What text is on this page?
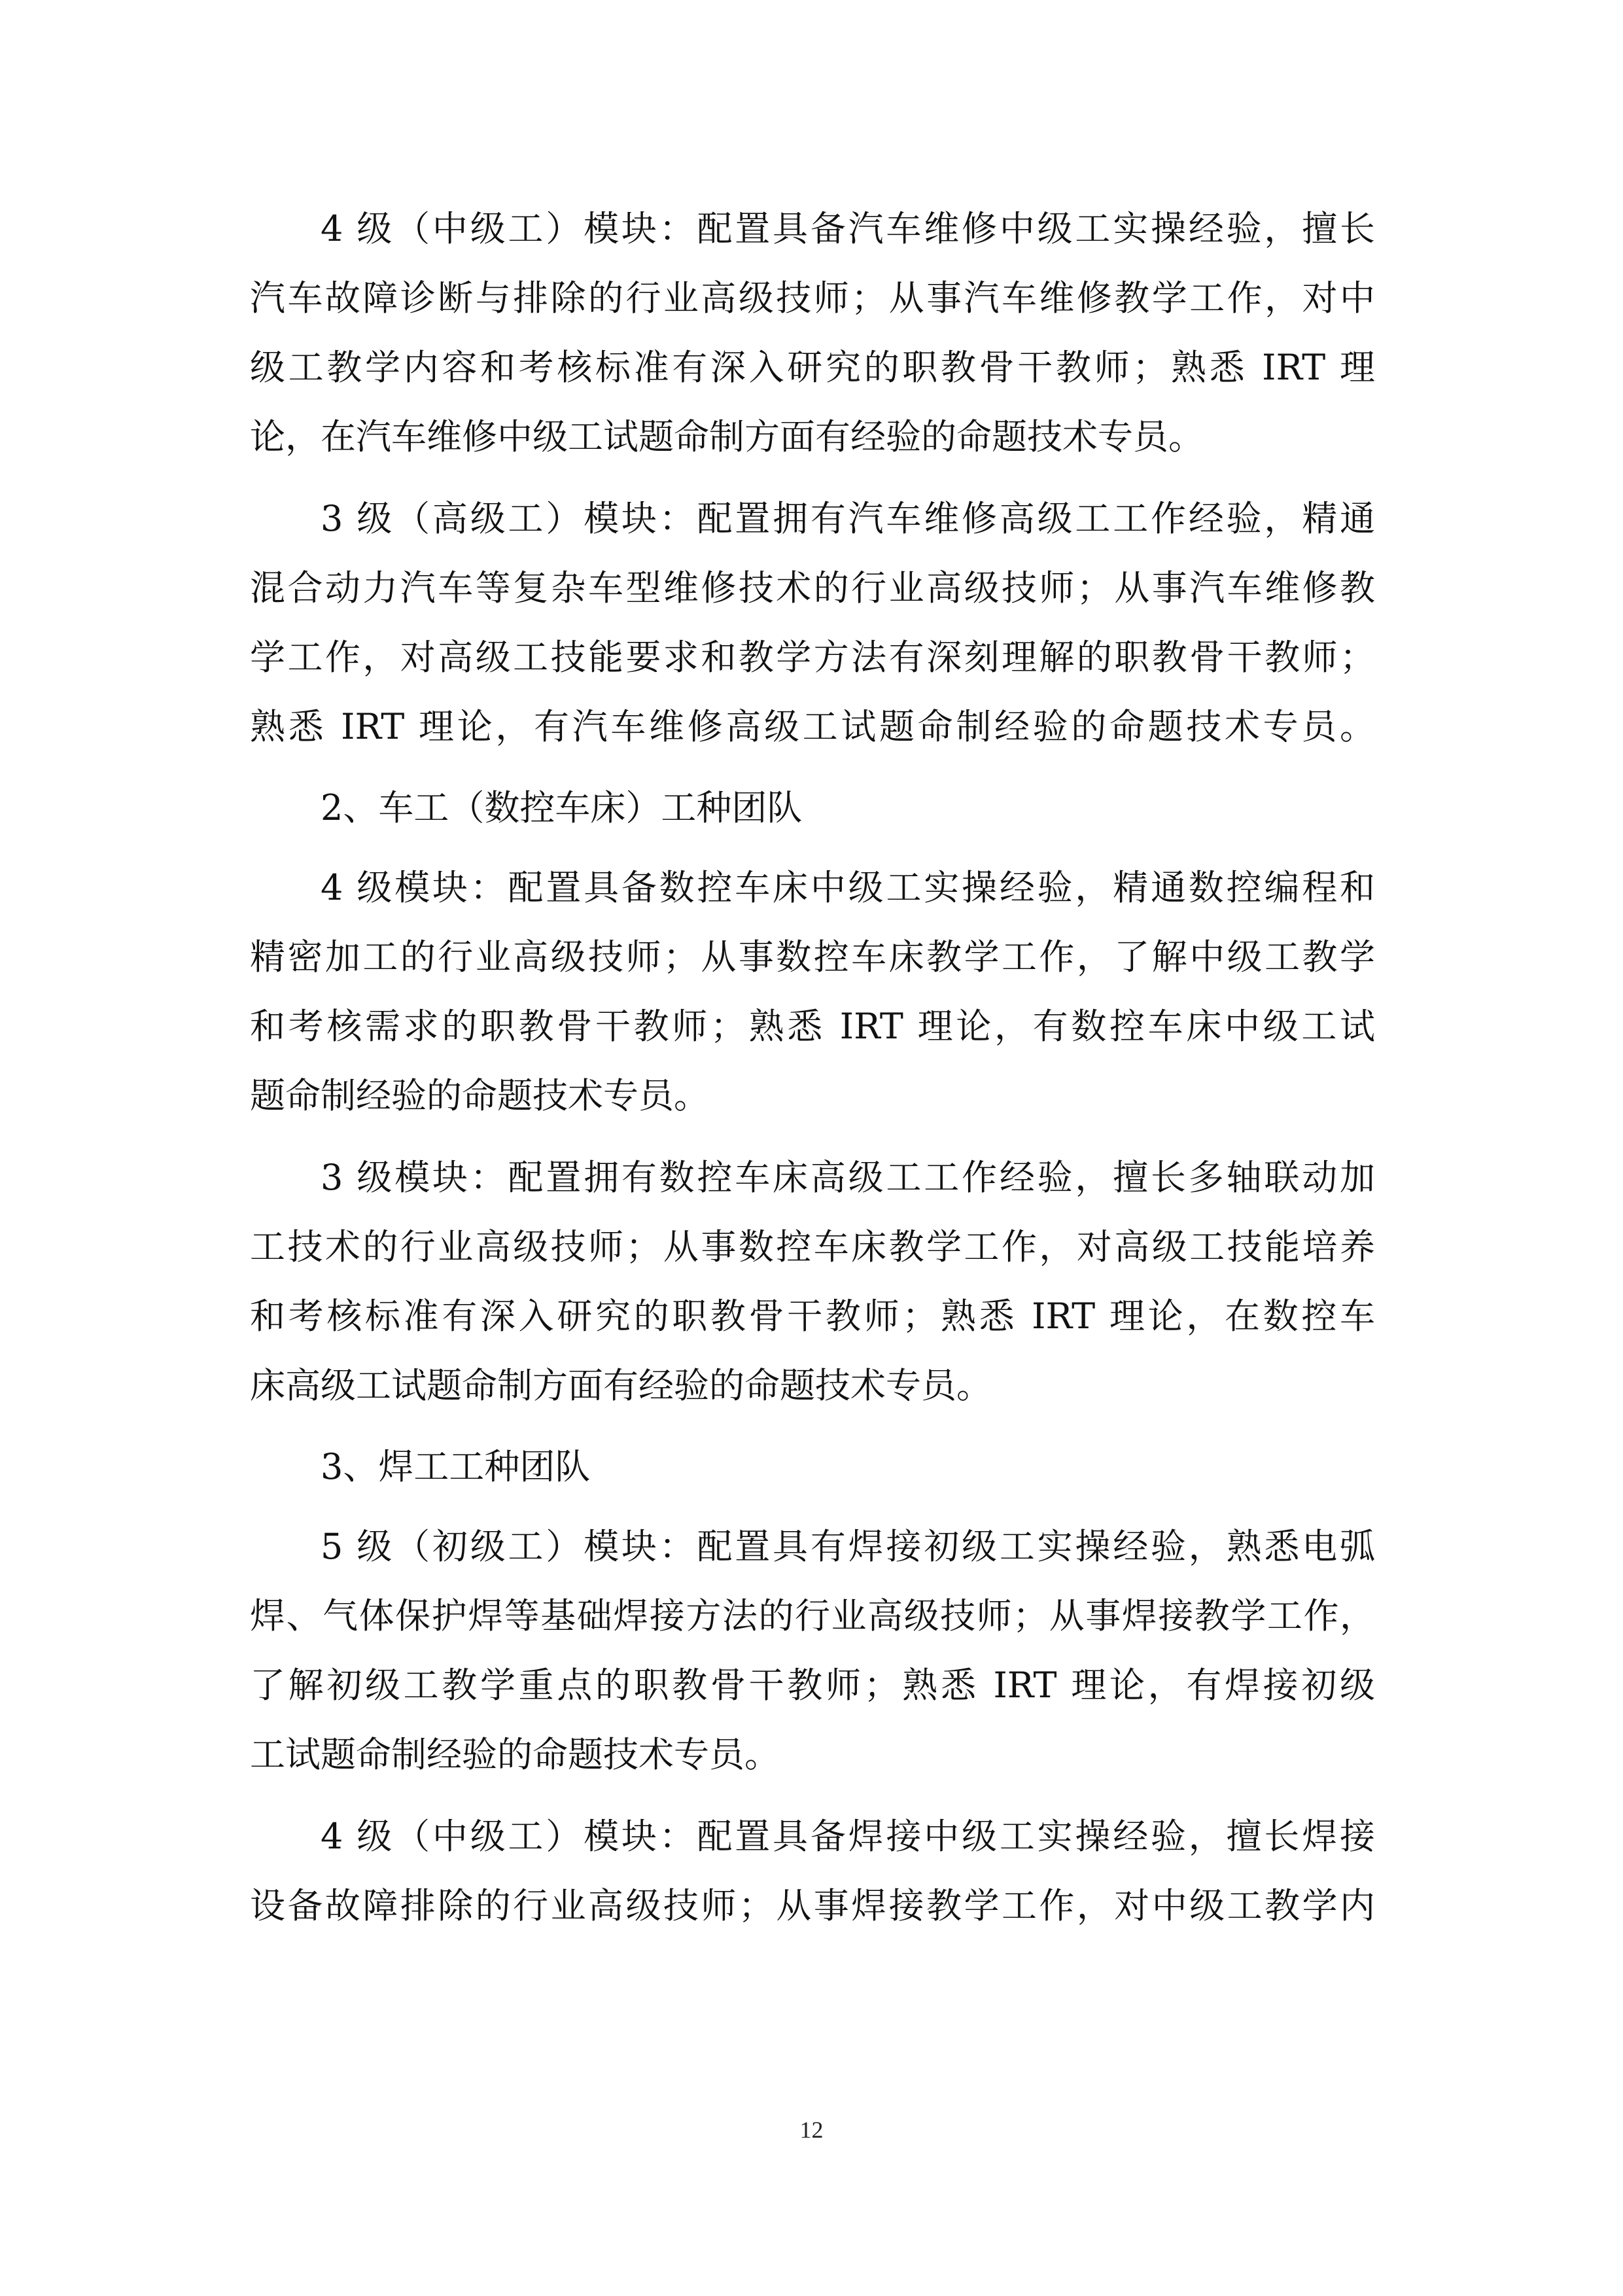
4 级（中级工）模块：配置具备汽车维修中级工实操经验，擅长
汽车故障诊断与排除的行业高级技师；从事汽车维修教学工作，对中
级工教学内容和考核标准有深入研究的职教骨干教师；熟悉 IRT 理
论，在汽车维修中级工试题命制方面有经验的命题技术专员。
3 级（高级工）模块：配置拥有汽车维修高级工工作经验，精通
混合动力汽车等复杂车型维修技术的行业高级技师；从事汽车维修教
学工作，对高级工技能要求和教学方法有深刻理解的职教骨干教师；
熟悉 IRT 理论，有汽车维修高级工试题命制经验的命题技术专员。
2、车工（数控车床）工种团队
4 级模块：配置具备数控车床中级工实操经验，精通数控编程和
精密加工的行业高级技师；从事数控车床教学工作，了解中级工教学
和考核需求的职教骨干教师；熟悉 IRT 理论，有数控车床中级工试
题命制经验的命题技术专员。
3 级模块：配置拥有数控车床高级工工作经验，擅长多轴联动加
工技术的行业高级技师；从事数控车床教学工作，对高级工技能培养
和考核标准有深入研究的职教骨干教师；熟悉 IRT 理论，在数控车
床高级工试题命制方面有经验的命题技术专员。
3、焊工工种团队
5 级（初级工）模块：配置具有焊接初级工实操经验，熟悉电弧
焊、气体保护焊等基础焊接方法的行业高级技师；从事焊接教学工作，
了解初级工教学重点的职教骨干教师；熟悉 IRT 理论，有焊接初级
工试题命制经验的命题技术专员。
4 级（中级工）模块：配置具备焊接中级工实操经验，擅长焊接
设备故障排除的行业高级技师；从事焊接教学工作，对中级工教学内
12
